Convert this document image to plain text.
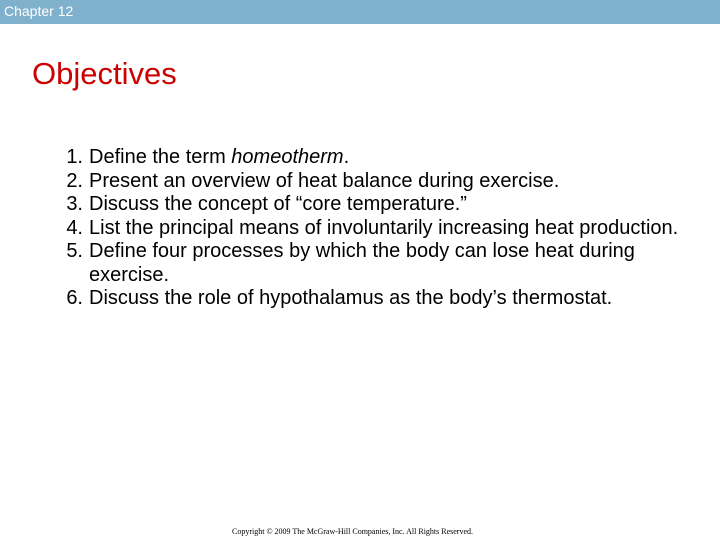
Chapter 12
Objectives
1. Define the term homeotherm.
2. Present an overview of heat balance during exercise.
3. Discuss the concept of “core temperature.”
4. List the principal means of involuntarily increasing heat production.
5. Define four processes by which the body can lose heat during exercise.
6. Discuss the role of hypothalamus as the body’s thermostat.
Copyright © 2009 The McGraw-Hill Companies, Inc. All Rights Reserved.
